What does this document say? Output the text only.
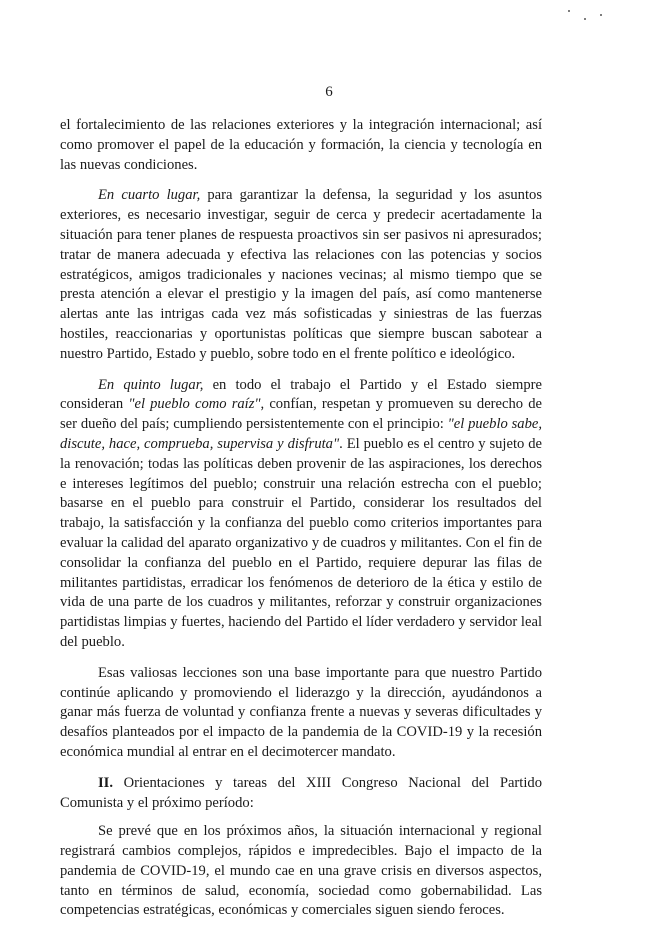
6

el fortalecimiento de las relaciones exteriores y la integración internacional; así como promover el papel de la educación y formación, la ciencia y tecnología en las nuevas condiciones.

En cuarto lugar, para garantizar la defensa, la seguridad y los asuntos exteriores, es necesario investigar, seguir de cerca y predecir acertadamente la situación para tener planes de respuesta proactivos sin ser pasivos ni apresurados; tratar de manera adecuada y efectiva las relaciones con las potencias y socios estratégicos, amigos tradicionales y naciones vecinas; al mismo tiempo que se presta atención a elevar el prestigio y la imagen del país, así como mantenerse alertas ante las intrigas cada vez más sofisticadas y siniestras de las fuerzas hostiles, reaccionarias y oportunistas políticas que siempre buscan sabotear a nuestro Partido, Estado y pueblo, sobre todo en el frente político e ideológico.

En quinto lugar, en todo el trabajo el Partido y el Estado siempre consideran "el pueblo como raíz", confían, respetan y promueven su derecho de ser dueño del país; cumpliendo persistentemente con el principio: "el pueblo sabe, discute, hace, comprueba, supervisa y disfruta". El pueblo es el centro y sujeto de la renovación; todas las políticas deben provenir de las aspiraciones, los derechos e intereses legítimos del pueblo; construir una relación estrecha con el pueblo; basarse en el pueblo para construir el Partido, considerar los resultados del trabajo, la satisfacción y la confianza del pueblo como criterios importantes para evaluar la calidad del aparato organizativo y de cuadros y militantes. Con el fin de consolidar la confianza del pueblo en el Partido, requiere depurar las filas de militantes partidistas, erradicar los fenómenos de deterioro de la ética y estilo de vida de una parte de los cuadros y militantes, reforzar y construir organizaciones partidistas limpias y fuertes, haciendo del Partido el líder verdadero y servidor leal del pueblo.

Esas valiosas lecciones son una base importante para que nuestro Partido continúe aplicando y promoviendo el liderazgo y la dirección, ayudándonos a ganar más fuerza de voluntad y confianza frente a nuevas y severas dificultades y desafíos planteados por el impacto de la pandemia de la COVID-19 y la recesión económica mundial al entrar en el decimotercer mandato.

II. Orientaciones y tareas del XIII Congreso Nacional del Partido Comunista y el próximo período:

Se prevé que en los próximos años, la situación internacional y regional registrará cambios complejos, rápidos e impredecibles. Bajo el impacto de la pandemia de COVID-19, el mundo cae en una grave crisis en diversos aspectos, tanto en términos de salud, economía, sociedad como gobernabilidad. Las competencias estratégicas, económicas y comerciales siguen siendo feroces.
